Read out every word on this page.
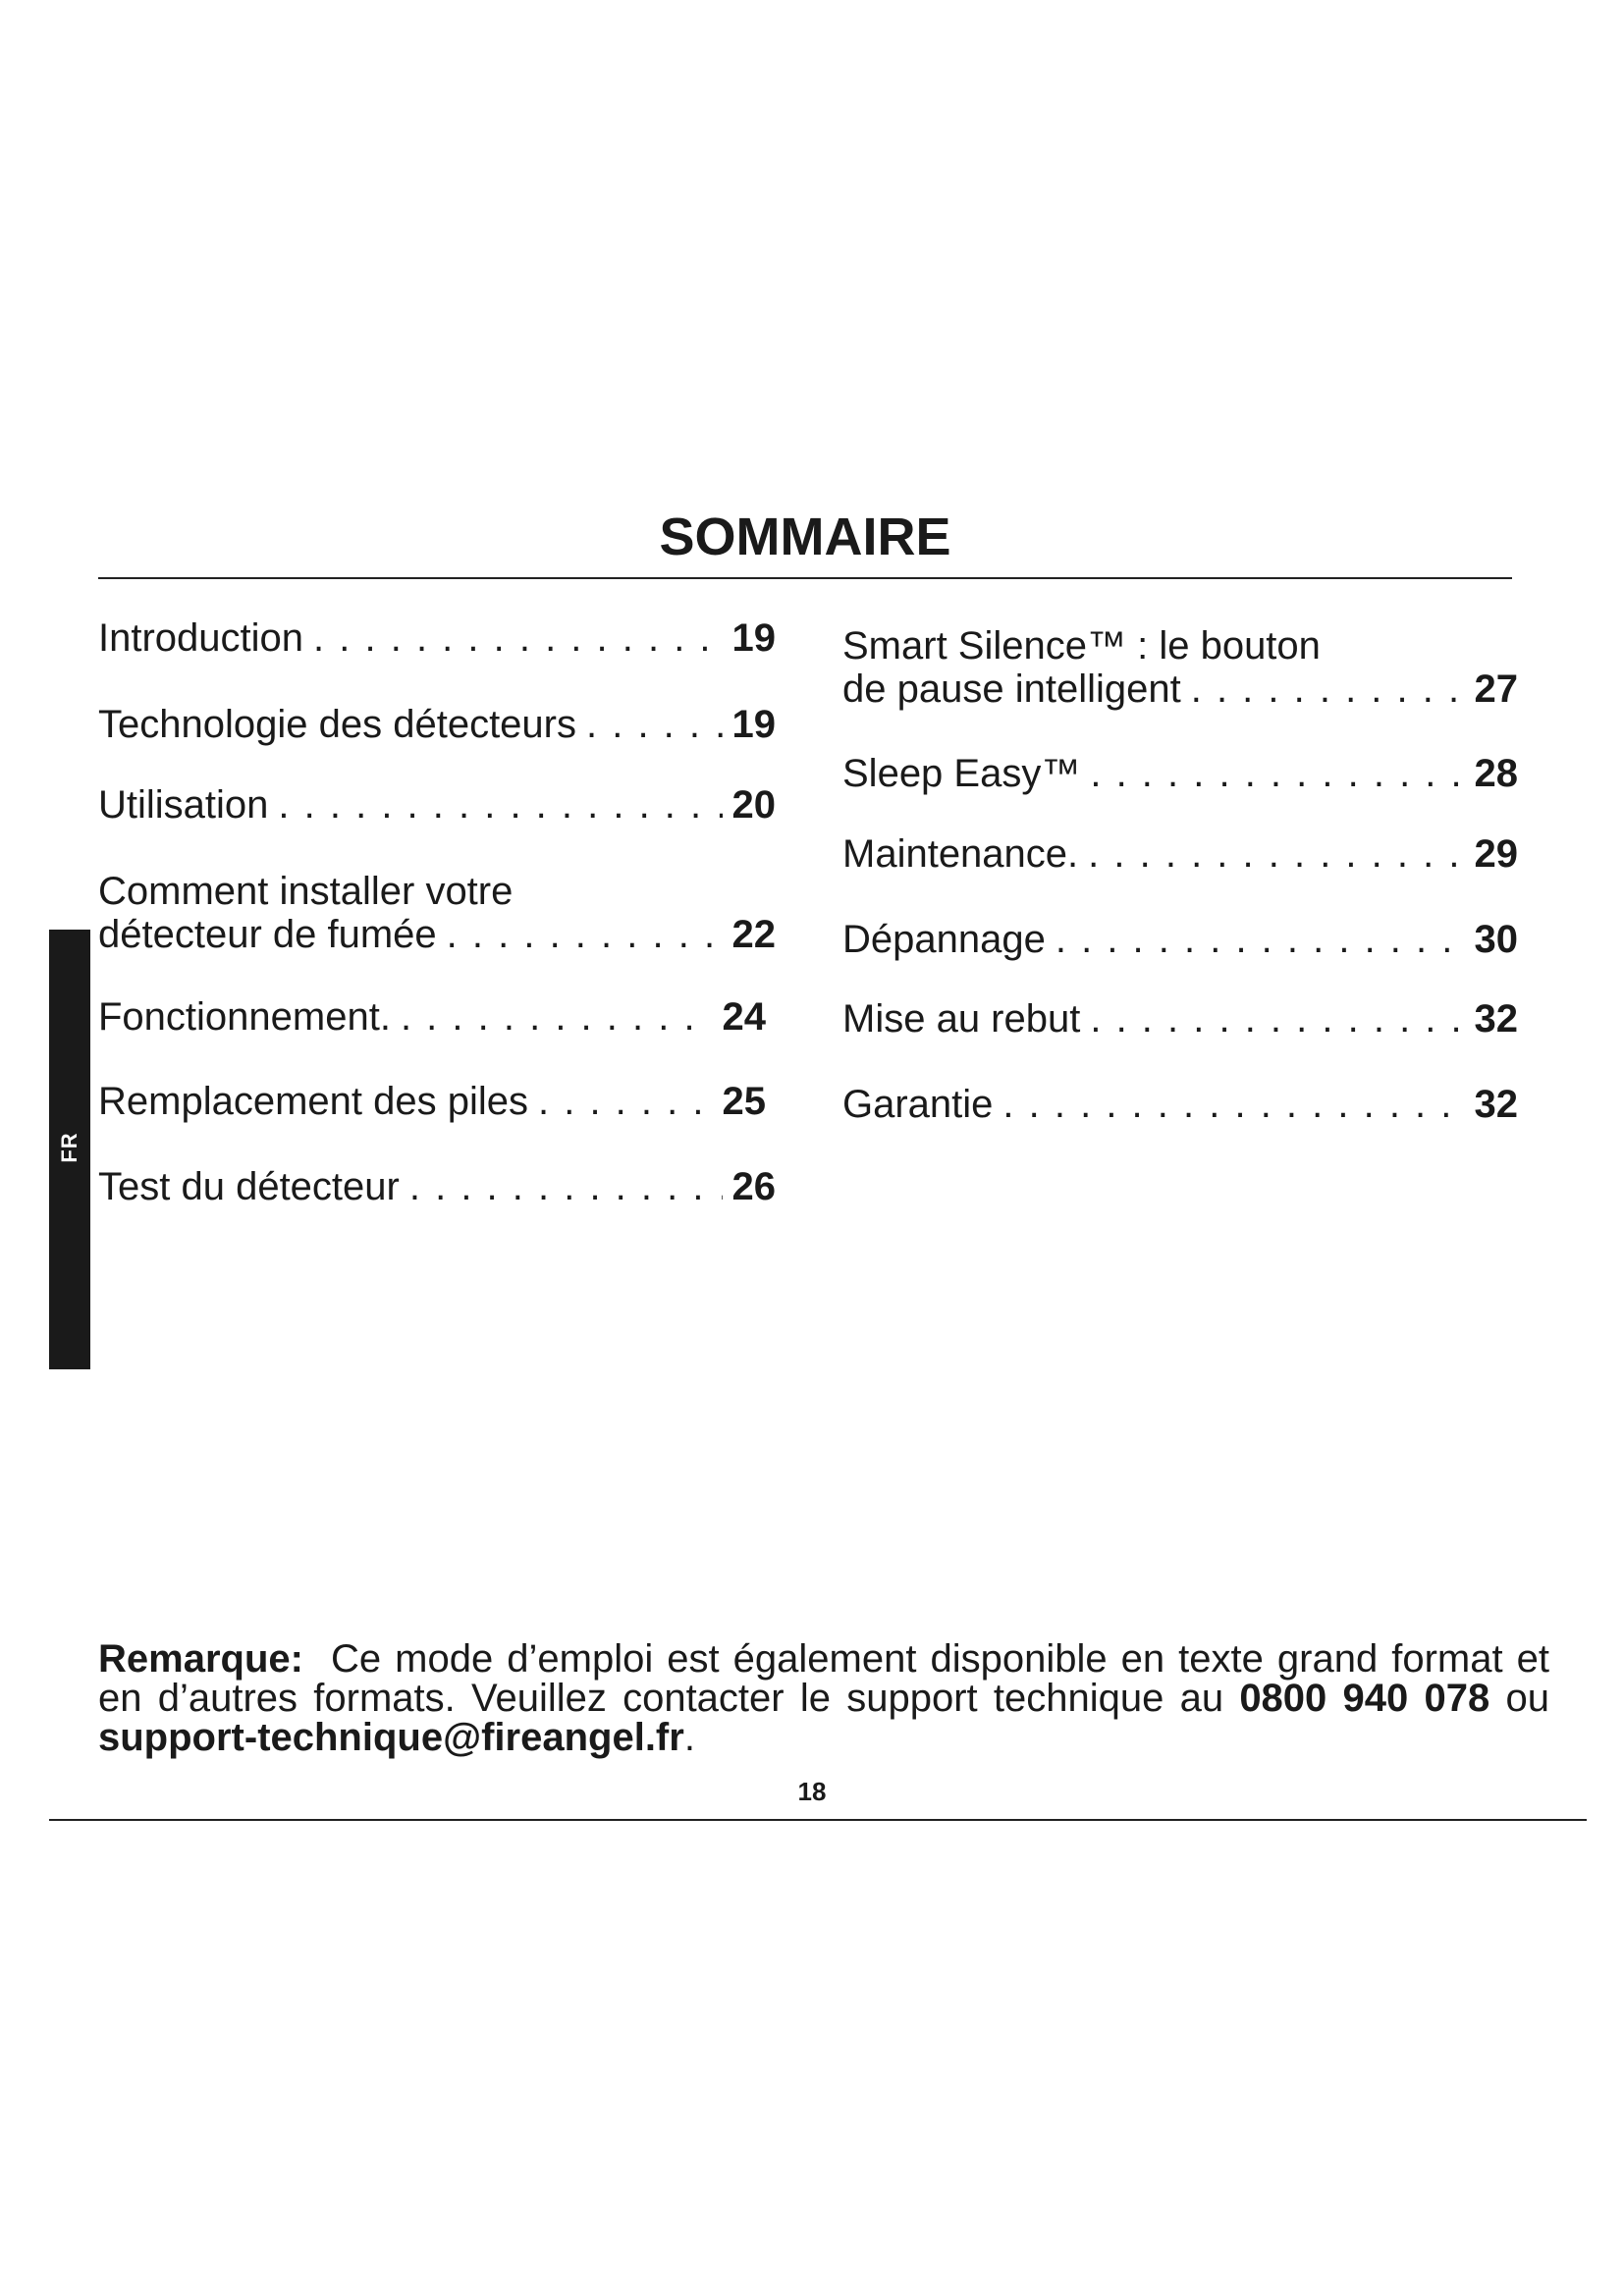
SOMMAIRE
FR
Introduction . . .	19
Technologie des détecteurs . . .	19
Utilisation . . .	20
Comment installer votre
détecteur de fumée . . .	22
Fonctionnement. . . .	24
Remplacement des piles . . .	25
Test du détecteur . . .	26
Smart Silence™ : le bouton
de pause intelligent . . .	27
Sleep Easy™ . . .	28
Maintenance. . . .	29
Dépannage . . .	30
Mise au rebut . . .	32
Garantie . . .	32
Remarque: Ce mode d’emploi est également disponible en texte grand format et en d’autres formats. Veuillez contacter le support technique au 0800 940 078 ou support-technique@fireangel.fr.
18
